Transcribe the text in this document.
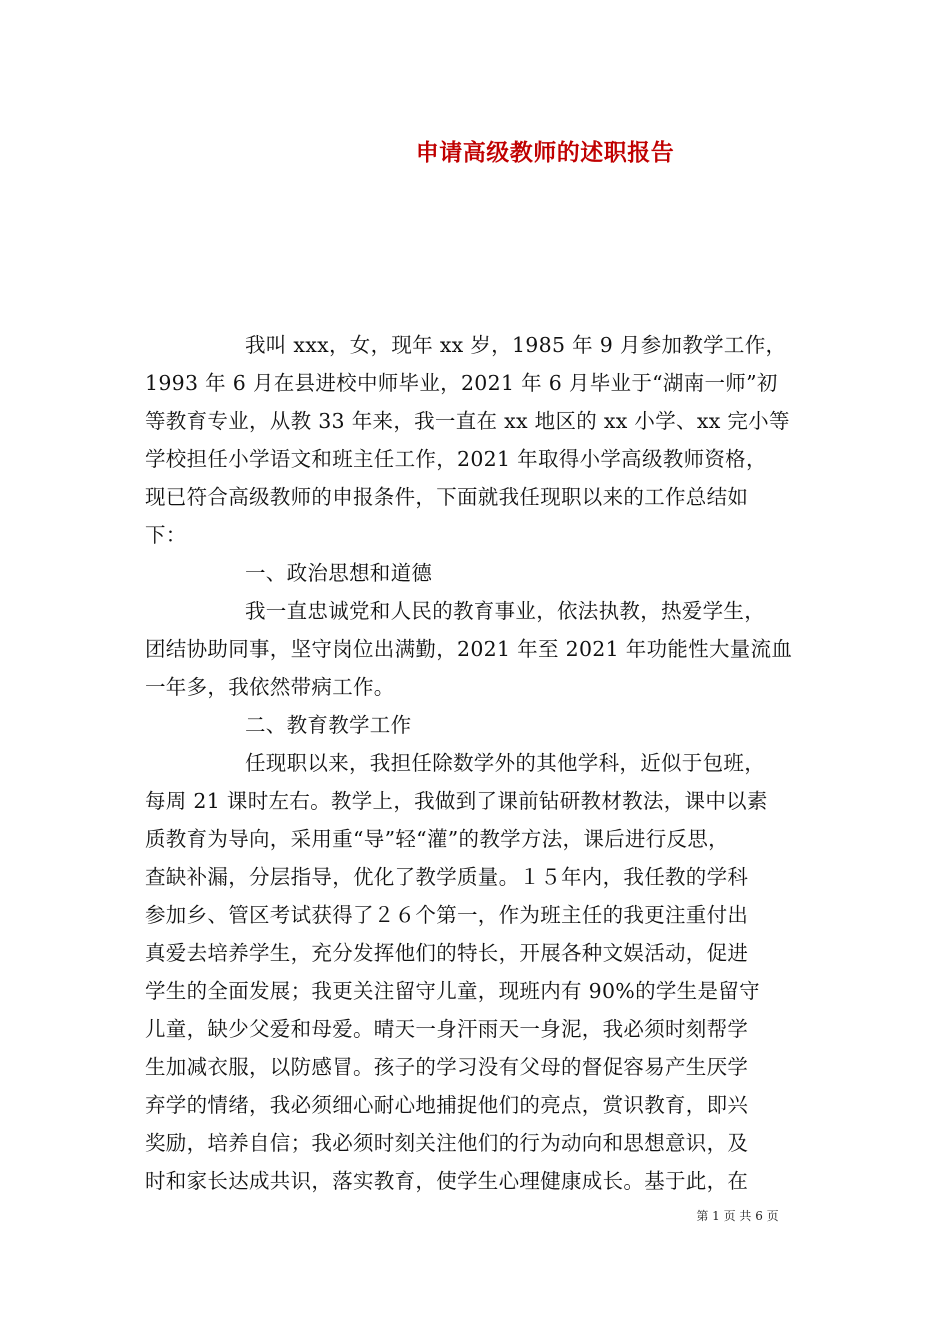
申请高级教师的述职报告
我叫 xxx，女，现年 xx 岁，1985 年 9 月参加教学工作，
1993 年 6 月在县进校中师毕业，2021 年 6 月毕业于“湖南一师”初
等教育专业，从教 33 年来，我一直在 xx 地区的 xx 小学、xx 完小等
学校担任小学语文和班主任工作，2021 年取得小学高级教师资格，
现已符合高级教师的申报条件，下面就我任现职以来的工作总结如
下：
一、政治思想和道德
我一直忠诚党和人民的教育事业，依法执教，热爱学生，
团结协助同事，坚守岗位出满勤，2021 年至 2021 年功能性大量流血
一年多，我依然带病工作。
二、教育教学工作
任现职以来，我担任除数学外的其他学科，近似于包班，
每周 21 课时左右。教学上，我做到了课前钻研教材教法，课中以素
质教育为导向，采用重“导”轻“灌”的教学方法，课后进行反思，
查缺补漏，分层指导，优化了教学质量。１５年内，我任教的学科
参加乡、管区考试获得了２６个第一，作为班主任的我更注重付出
真爱去培养学生，充分发挥他们的特长，开展各种文娱活动，促进
学生的全面发展；我更关注留守儿童，现班内有 90%的学生是留守
儿童，缺少父爱和母爱。晴天一身汗雨天一身泥，我必须时刻帮学
生加减衣服，以防感冒。孩子的学习没有父母的督促容易产生厌学
弃学的情绪，我必须细心耐心地捕捉他们的亮点，赏识教育，即兴
奖励，培养自信；我必须时刻关注他们的行为动向和思想意识，及
时和家长达成共识，落实教育，使学生心理健康成长。基于此，在
第 1 页 共 6 页
